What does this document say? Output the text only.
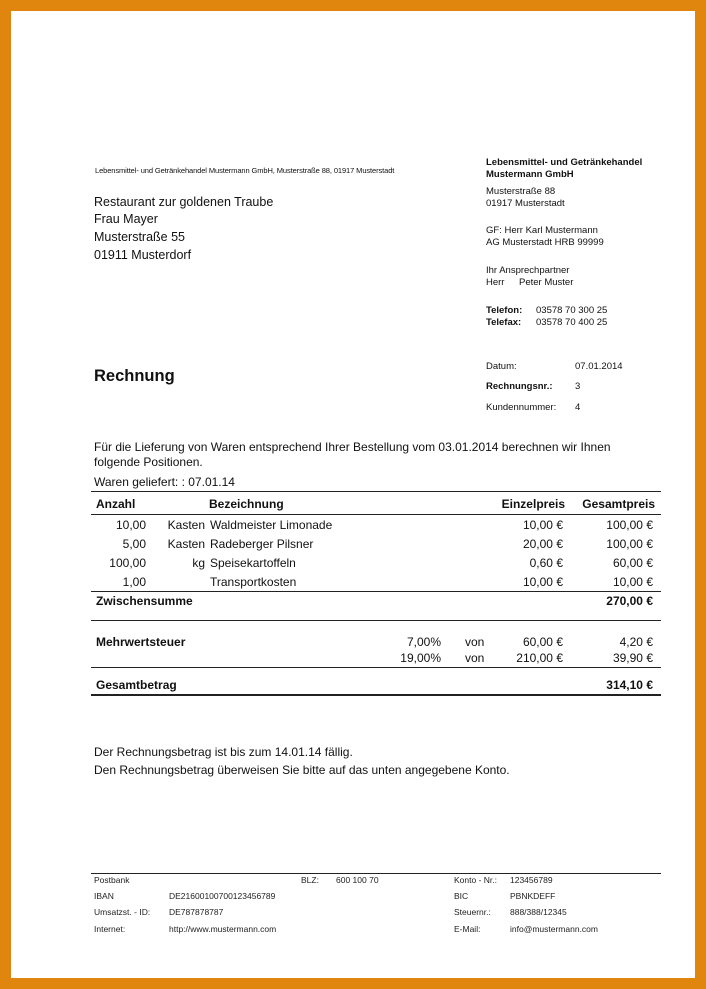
Lebensmittel- und Getränkehandel Mustermann GmbH, Musterstraße 88, 01917 Musterstadt
Lebensmittel- und Getränkehandel
Mustermann GmbH
Musterstraße 88
01917 Musterstadt
GF: Herr Karl Mustermann
AG Musterstadt HRB 99999
Ihr Ansprechpartner
Herr Peter Muster
Telefon: 03578 70 300 25
Telefax: 03578 70 400 25
Restaurant zur goldenen Traube
Frau Mayer
Musterstraße 55
01911 Musterdorf
Rechnung
Datum:	07.01.2014
Rechnungsnr.: 3
Kundennummer: 4
Für die Lieferung von Waren entsprechend Ihrer Bestellung vom 03.01.2014 berechnen wir Ihnen
folgende Positionen.
Waren geliefert: : 07.01.14
Anzahl	Bezeichnung	Einzelpreis	Gesamtpreis
10,00	Kasten Waldmeister Limonade	10,00 €	100,00 €
5,00	Kasten Radeberger Pilsner	20,00 €	100,00 €
100,00	kg Speisekartoffeln	0,60 €	60,00 €
1,00	Transportkosten	10,00 €	10,00 €
Zwischensumme	270,00 €
Mehrwertsteuer	7,00% von	60,00 €	4,20 €
19,00% von	210,00 €	39,90 €
Gesamtbetrag	314,10 €
Der Rechnungsbetrag ist bis zum 14.01.14 fällig.
Den Rechnungsbetrag überweisen Sie bitte auf das unten angegebene Konto.
Postbank	BLZ: 600 100 70	Konto - Nr.: 123456789
IBAN	DE21600100700123456789	BIC	PBNKDEFF
Umsatzst. - ID: DE787878787	Steuernr.: 888/388/12345
Internet:	http://www.mustermann.com	E-Mail:	info@mustermann.com
